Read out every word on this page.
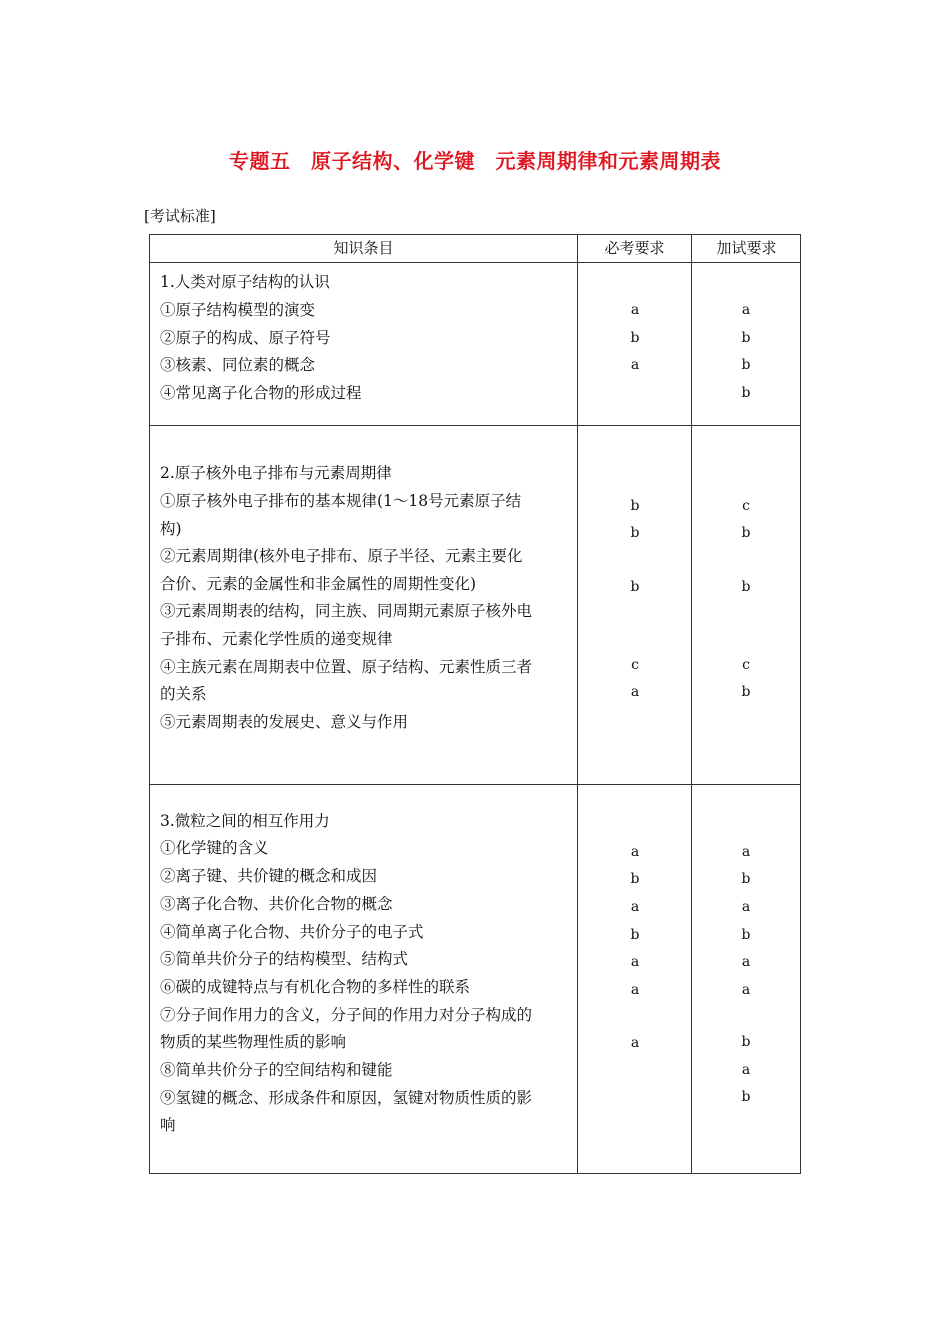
专题五　原子结构、化学键　元素周期律和元素周期表
[考试标准]
知识条目	必考要求	加试要求
1.人类对原子结构的认识
①原子结构模型的演变
②原子的构成、原子符号
③核素、同位素的概念
④常见离子化合物的形成过程
a
b
a
a
b
b
b
2.原子核外电子排布与元素周期律
①原子核外电子排布的基本规律(1～18号元素原子结
构)
②元素周期律(核外电子排布、原子半径、元素主要化
合价、元素的金属性和非金属性的周期性变化)
③元素周期表的结构，同主族、同周期元素原子核外电
子排布、元素化学性质的递变规律
④主族元素在周期表中位置、原子结构、元素性质三者
的关系
⑤元素周期表的发展史、意义与作用
b
b
b
c
a
c
b
b
c
b
3.微粒之间的相互作用力
①化学键的含义
②离子键、共价键的概念和成因
③离子化合物、共价化合物的概念
④简单离子化合物、共价分子的电子式
⑤简单共价分子的结构模型、结构式
⑥碳的成键特点与有机化合物的多样性的联系
⑦分子间作用力的含义，分子间的作用力对分子构成的
物质的某些物理性质的影响
⑧简单共价分子的空间结构和键能
⑨氢键的概念、形成条件和原因，氢键对物质性质的影
响
a
b
a
b
a
a
a
a
b
a
b
a
a
b
a
b
